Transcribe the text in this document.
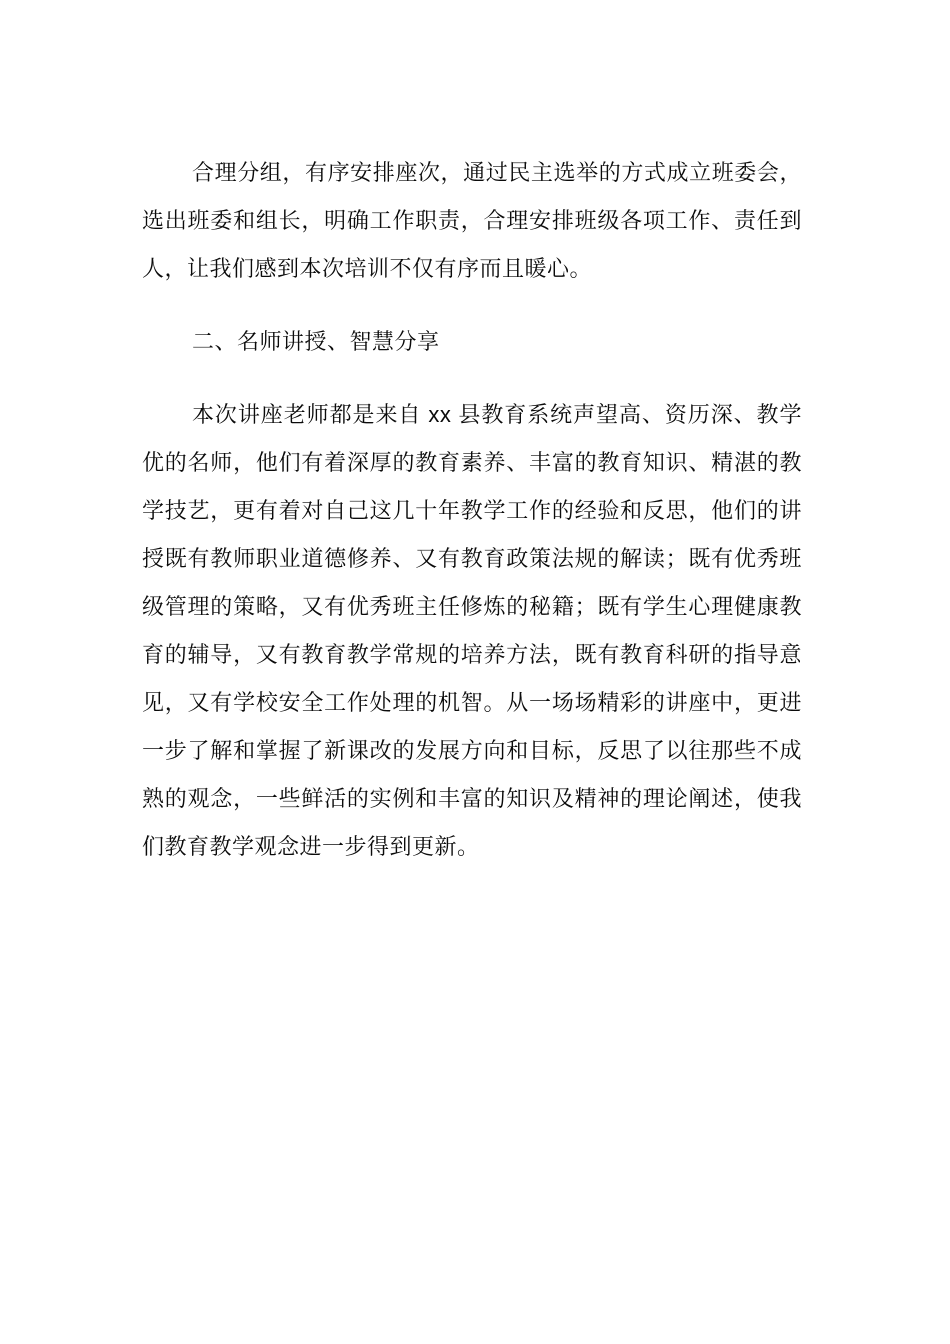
合理分组，有序安排座次，通过民主选举的方式成立班委会，选出班委和组长，明确工作职责，合理安排班级各项工作、责任到人，让我们感到本次培训不仅有序而且暖心。

二、名师讲授、智慧分享

本次讲座老师都是来自 xx 县教育系统声望高、资历深、教学优的名师，他们有着深厚的教育素养、丰富的教育知识、精湛的教学技艺，更有着对自己这几十年教学工作的经验和反思，他们的讲授既有教师职业道德修养、又有教育政策法规的解读；既有优秀班级管理的策略，又有优秀班主任修炼的秘籍；既有学生心理健康教育的辅导，又有教育教学常规的培养方法，既有教育科研的指导意见，又有学校安全工作处理的机智。从一场场精彩的讲座中，更进一步了解和掌握了新课改的发展方向和目标，反思了以往那些不成熟的观念，一些鲜活的实例和丰富的知识及精神的理论阐述，使我们教育教学观念进一步得到更新。
